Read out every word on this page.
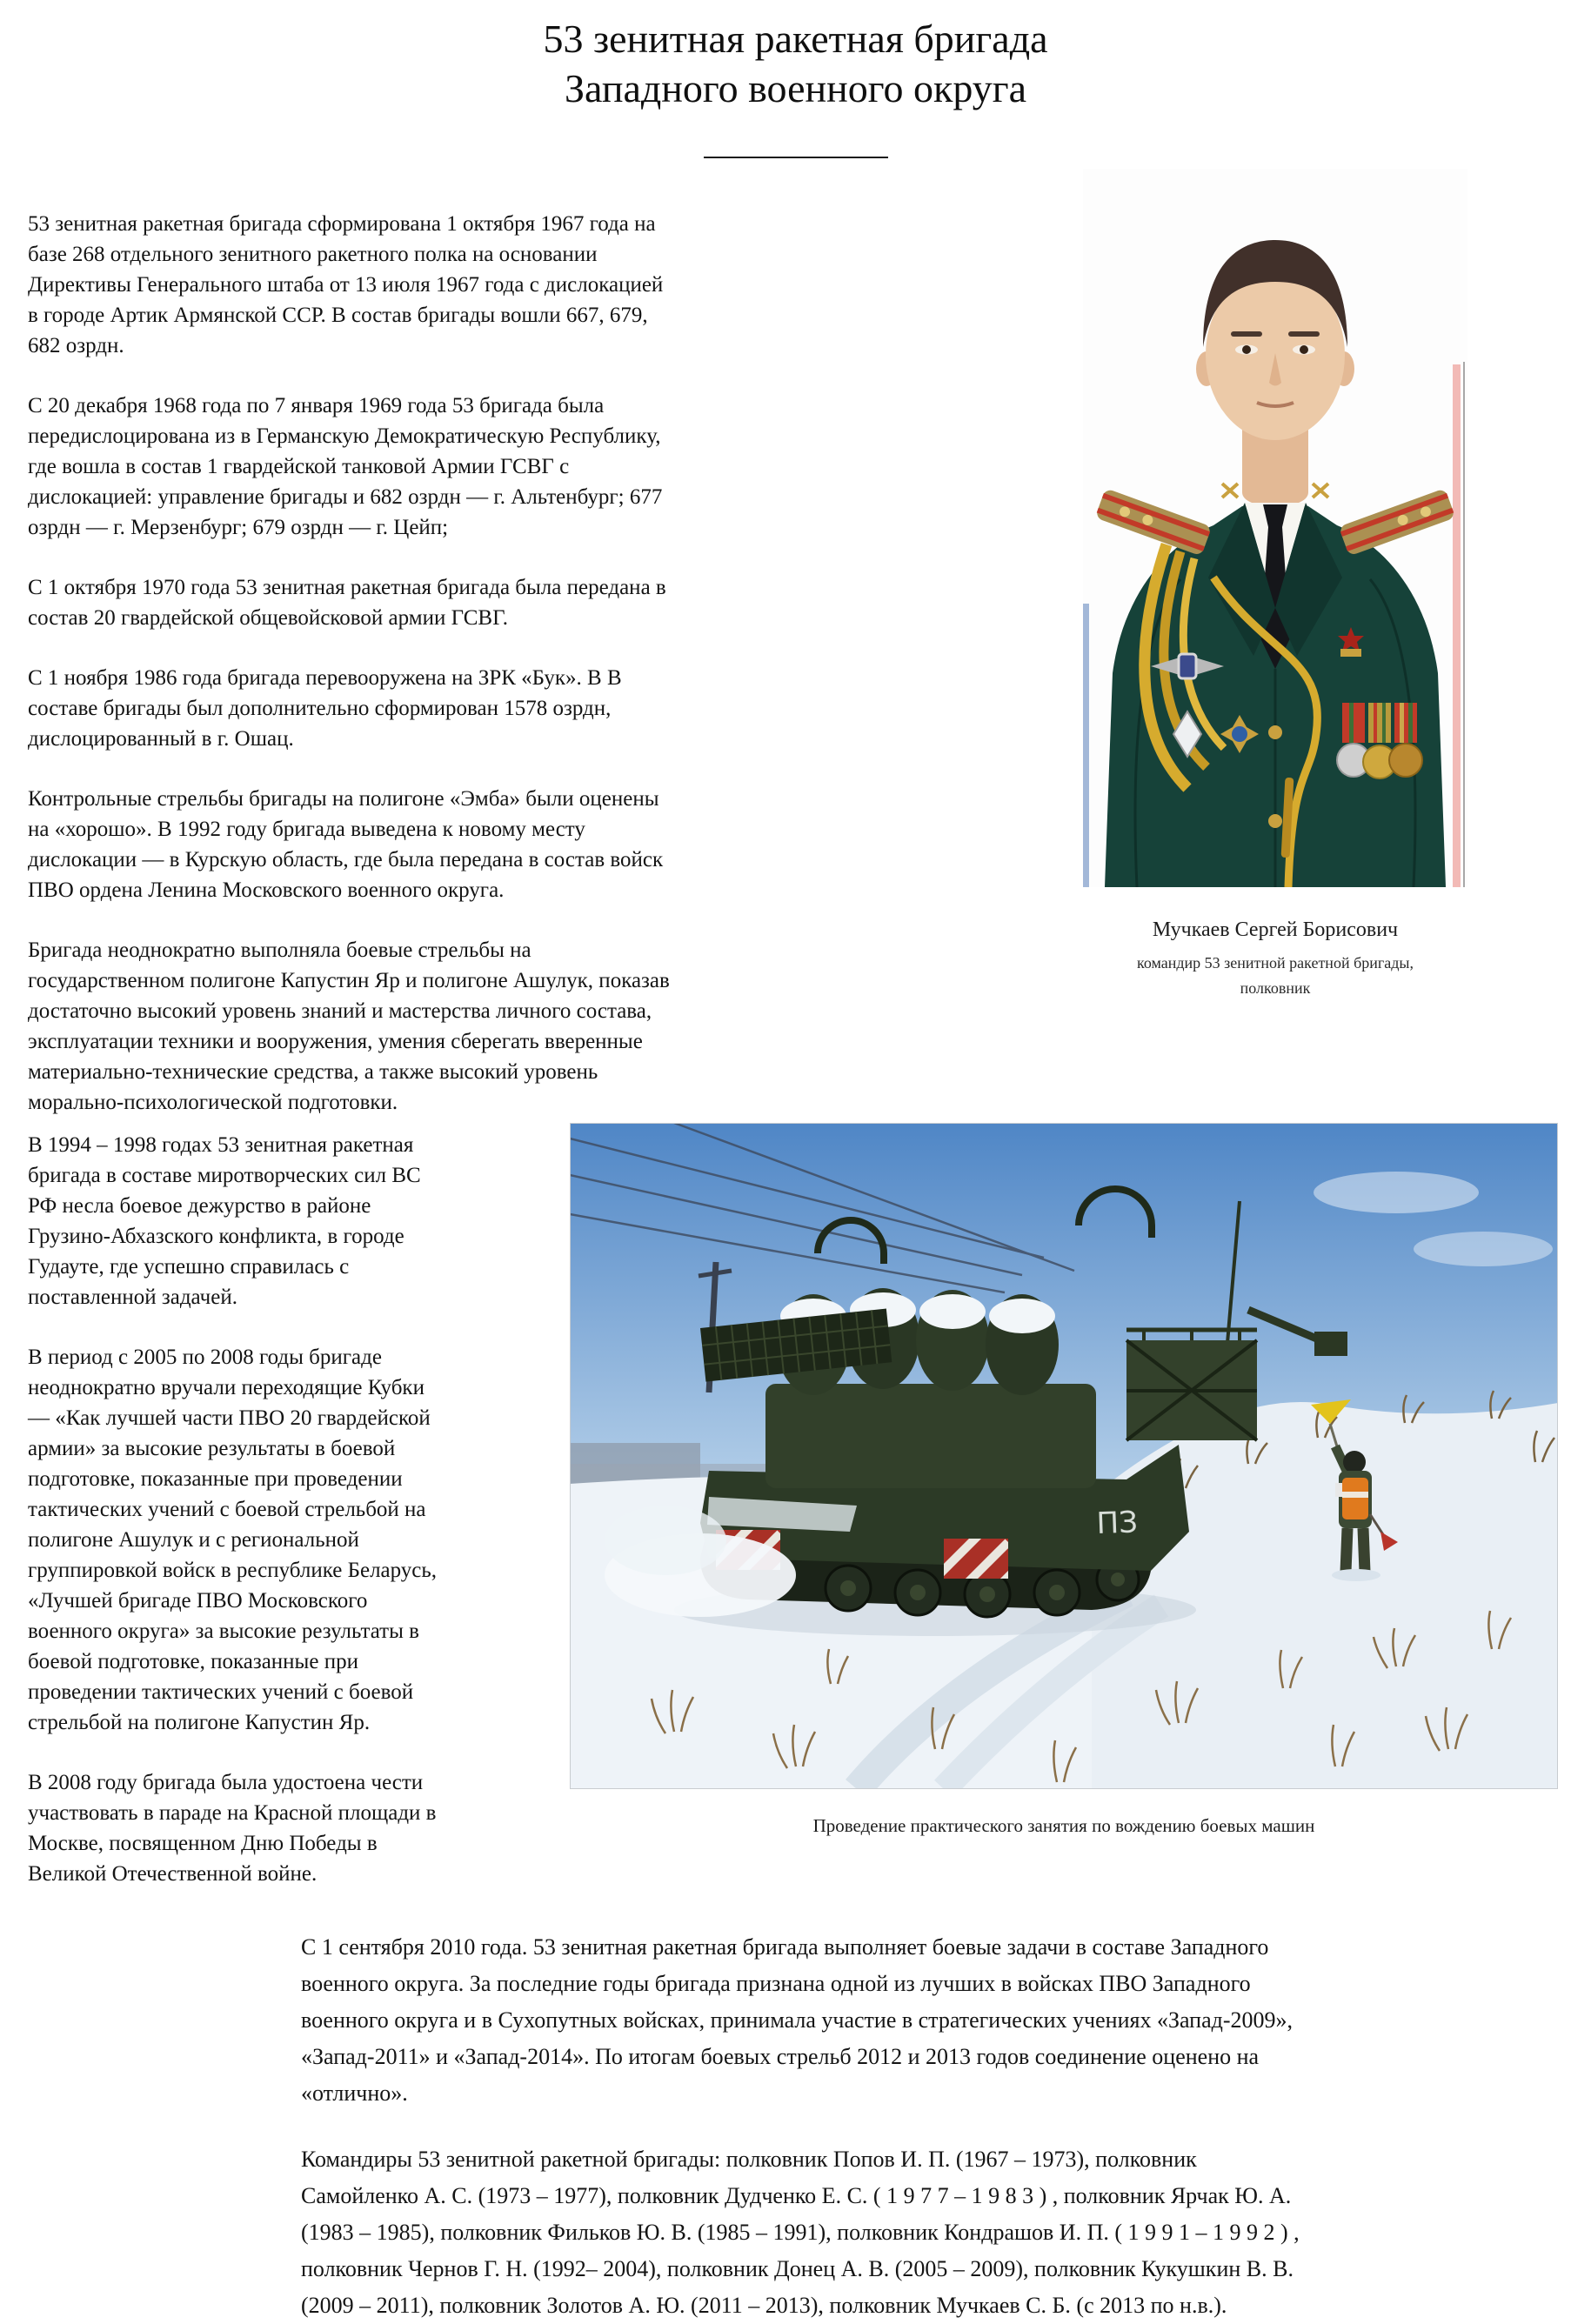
53 зенитная ракетная бригада
Западного военного округа

53 зенитная ракетная бригада сформирована 1 октября 1967 года на базе 268 отдельного зенитного ракетного полка на основании Директивы Генерального штаба от 13 июля 1967 года с дислокацией в городе Артик Армянской ССР. В состав бригады вошли 667, 679, 682 озрдн.

С 20 декабря 1968 года по 7 января 1969 года 53 бригада была передислоцирована из в Германскую Демократическую Республику, где вошла в состав 1 гвардейской танковой Армии ГСВГ с дислокацией: управление бригады и 682 озрдн — г. Альтенбург; 677 озрдн — г. Мерзенбург; 679 озрдн — г. Цейп;

С 1 октября 1970 года 53 зенитная ракетная бригада была передана в состав 20 гвардейской общевойсковой армии ГСВГ.

С 1 ноября 1986 года бригада перевооружена на ЗРК «Бук». В В составе бригады был дополнительно сформирован 1578 озрдн, дислоцированный в г. Ошац.

Контрольные стрельбы бригады на полигоне «Эмба» были оценены на «хорошо». В 1992 году бригада выведена к новому месту дислокации — в Курскую область, где была передана в состав войск ПВО ордена Ленина Московского военного округа.

Бригада неоднократно выполняла боевые стрельбы на государственном полигоне Капустин Яр и полигоне Ашулук, показав достаточно высокий уровень знаний и мастерства личного состава, эксплуатации техники и вооружения, умения сберегать вверенные материально-технические средства, а также высокий уровень морально-психологической подготовки.

Мучкаев Сергей Борисович
командир 53 зенитной ракетной бригады,
полковник

В 1994 – 1998 годах 53 зенитная ракетная бригада в составе миротворческих сил ВС РФ несла боевое дежурство в районе Грузино-Абхазского конфликта, в городе Гудауте, где успешно справилась с поставленной задачей.

В период с 2005 по 2008 годы бригаде неоднократно вручали переходящие Кубки — «Как лучшей части ПВО 20 гвардейской армии» за высокие результаты в боевой подготовке, показанные при проведении тактических учений с боевой стрельбой на полигоне Ашулук и с региональной группировкой войск в республике Беларусь, «Лучшей бригаде ПВО Московского военного округа» за высокие результаты в боевой подготовке, показанные при проведении тактических учений с боевой стрельбой на полигоне Капустин Яр.

В 2008 году бригада была удостоена чести участвовать в параде на Красной площади в Москве, посвященном Дню Победы в Великой Отечественной войне.

ПЗ
Проведение практического занятия по вождению боевых машин

С 1 сентября 2010 года. 53 зенитная ракетная бригада выполняет боевые задачи в составе Западного военного округа. За последние годы бригада признана одной из лучших в войсках ПВО Западного военного округа и в Сухопутных войсках, принимала участие в стратегических учениях «Запад-2009», «Запад-2011» и «Запад-2014». По итогам боевых стрельб 2012 и 2013 годов соединение оценено на «отлично».

Командиры 53 зенитной ракетной бригады: полковник Попов И. П. (1967 – 1973), полковник Самойленко А. С. (1973 – 1977), полковник Дудченко Е. С. ( 1 9 7 7 – 1 9 8 3 ) , полковник Ярчак Ю. А. (1983 – 1985), полковник Фильков Ю. В. (1985 – 1991), полковник Кондрашов И. П. ( 1 9 9 1 – 1 9 9 2 ) , полковник Чернов Г. Н. (1992– 2004), полковник Донец А. В. (2005 – 2009), полковник Кукушкин В. В. (2009 – 2011), полковник Золотов А. Ю. (2011 – 2013), полковник Мучкаев С. Б. (с 2013 по н.в.).
